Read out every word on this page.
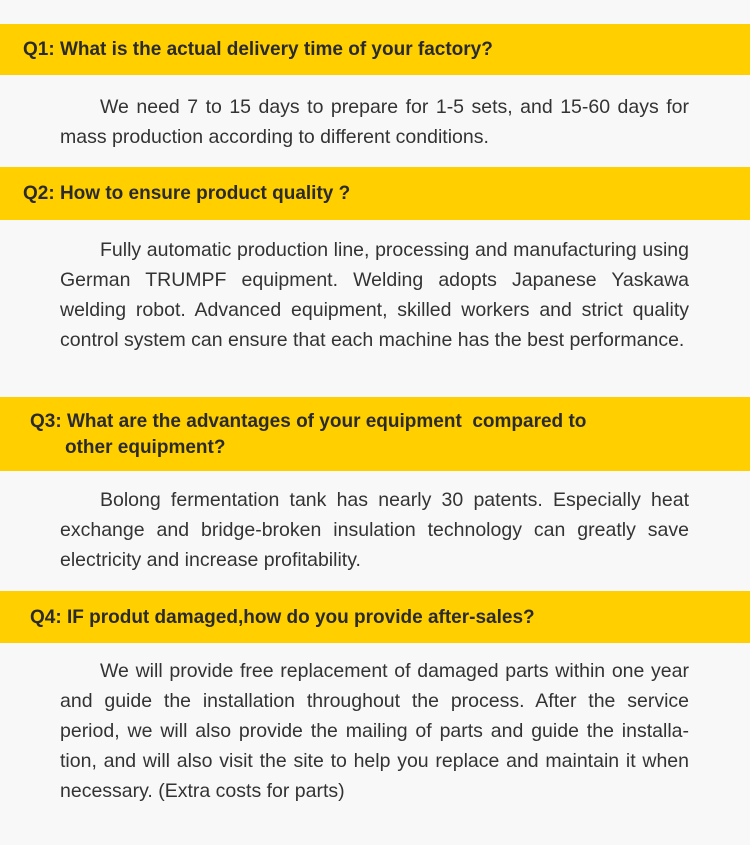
Q1: What is the actual delivery time of your factory?

We need 7 to 15 days to prepare for 1-5 sets, and 15-60 days for mass production according to different conditions.

Q2: How to ensure product quality ?

Fully automatic production line, processing and manufacturing using German TRUMPF equipment. Welding adopts Japanese Yaskawa welding robot. Advanced equipment, skilled workers and strict quality control system can ensure that each machine has the best performance.

Q3: What are the advantages of your equipment  compared to
other equipment?

Bolong fermentation tank has nearly 30 patents. Especially heat exchange and bridge-broken insulation technology can greatly save electricity and increase profitability.

Q4: IF produt damaged,how do you provide after-sales?

We will provide free replacement of damaged parts within one year and guide the installation throughout the process. After the service period, we will also provide the mailing of parts and guide the installation, and will also visit the site to help you replace and maintain it when necessary. (Extra costs for parts)
